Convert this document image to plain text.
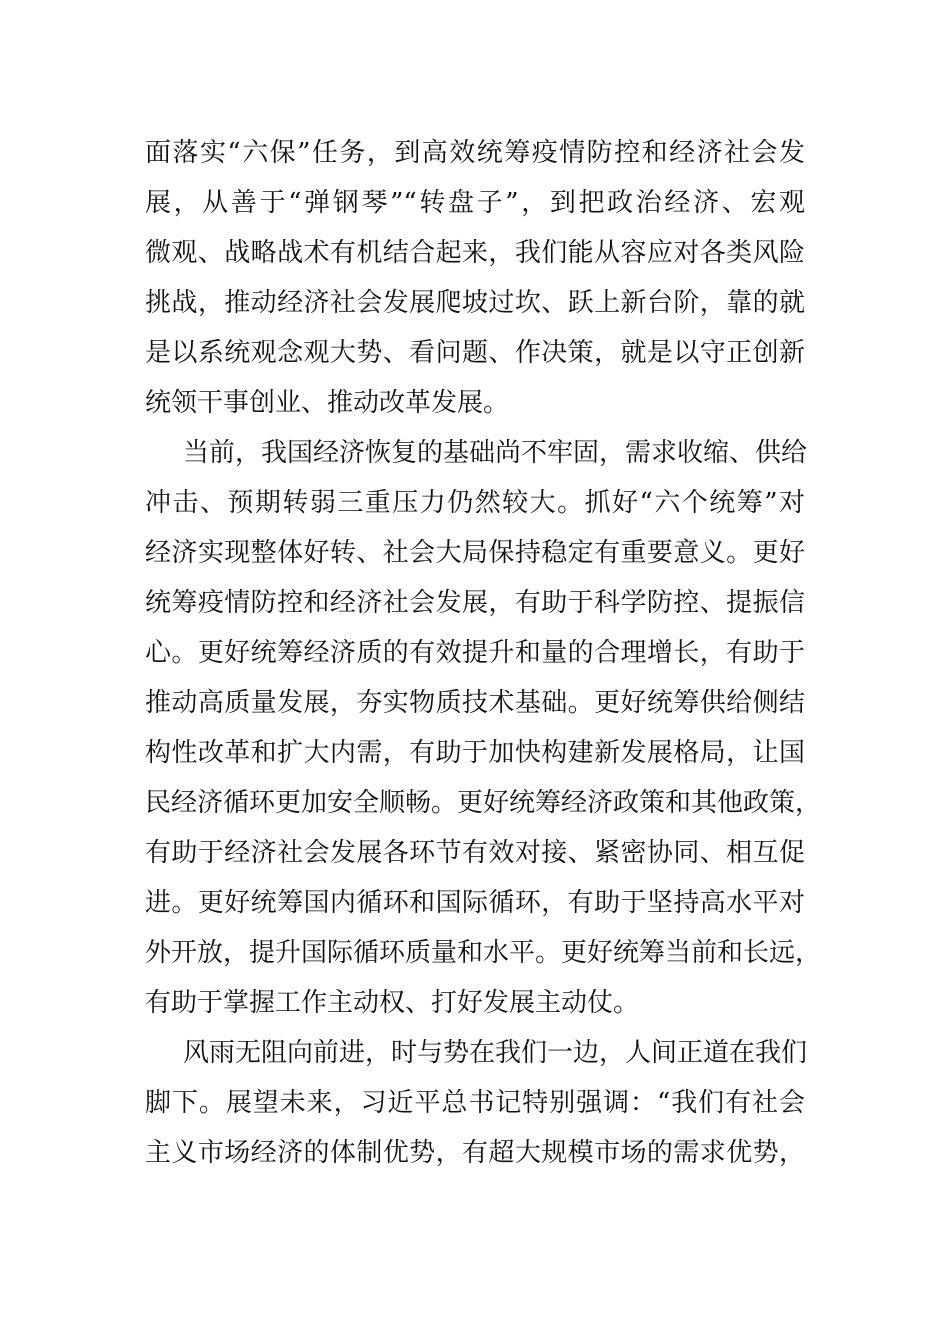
面落实“六保”任务，到高效统筹疫情防控和经济社会发
展，从善于“弹钢琴”“转盘子”，到把政治经济、宏观
微观、战略战术有机结合起来，我们能从容应对各类风险
挑战，推动经济社会发展爬坡过坎、跃上新台阶，靠的就
是以系统观念观大势、看问题、作决策，就是以守正创新
统领干事创业、推动改革发展。
当前，我国经济恢复的基础尚不牢固，需求收缩、供给
冲击、预期转弱三重压力仍然较大。抓好“六个统筹”对
经济实现整体好转、社会大局保持稳定有重要意义。更好
统筹疫情防控和经济社会发展，有助于科学防控、提振信
心。更好统筹经济质的有效提升和量的合理增长，有助于
推动高质量发展，夯实物质技术基础。更好统筹供给侧结
构性改革和扩大内需，有助于加快构建新发展格局，让国
民经济循环更加安全顺畅。更好统筹经济政策和其他政策，
有助于经济社会发展各环节有效对接、紧密协同、相互促
进。更好统筹国内循环和国际循环，有助于坚持高水平对
外开放，提升国际循环质量和水平。更好统筹当前和长远，
有助于掌握工作主动权、打好发展主动仗。
风雨无阻向前进，时与势在我们一边，人间正道在我们
脚下。展望未来，习近平总书记特别强调：“我们有社会
主义市场经济的体制优势，有超大规模市场的需求优势，
